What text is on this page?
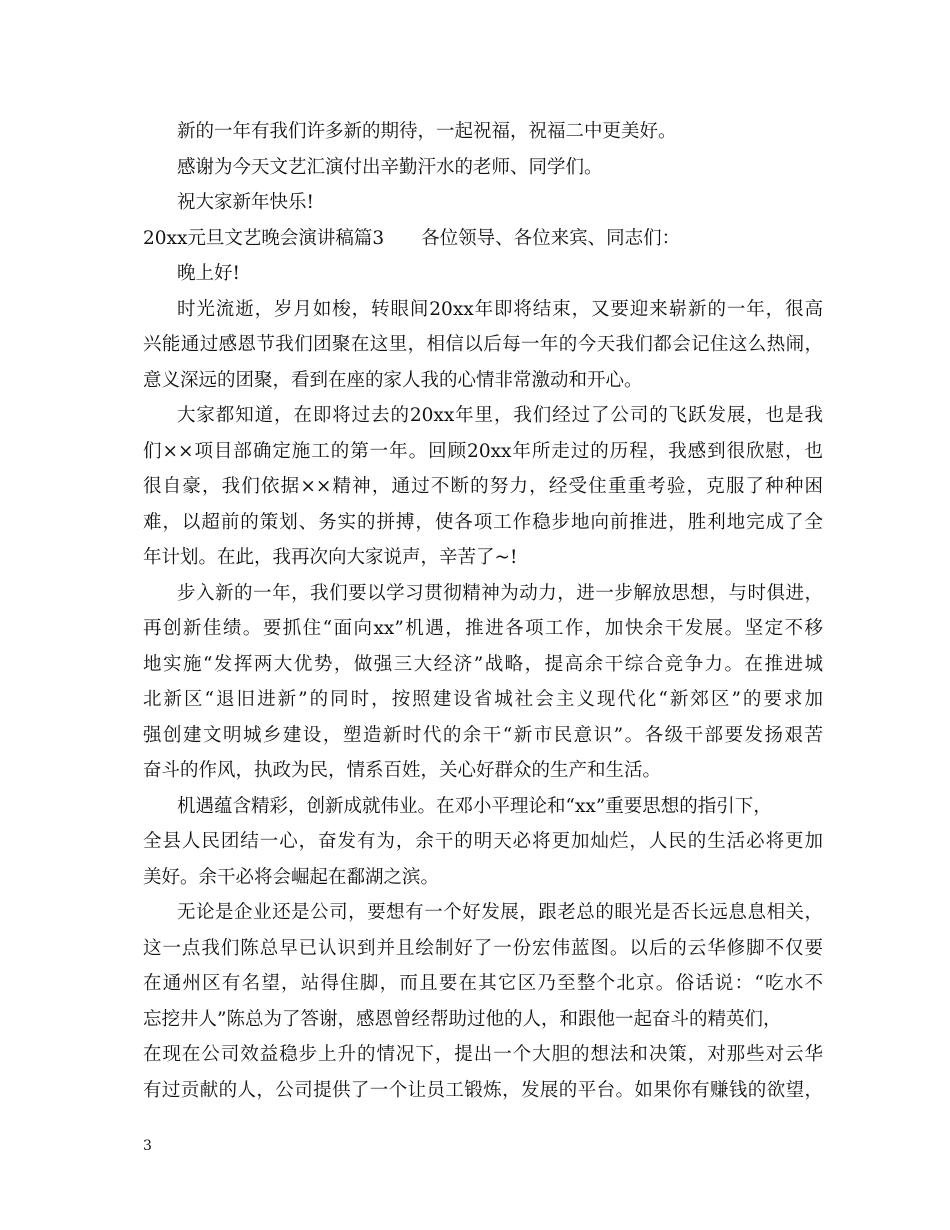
新的一年有我们许多新的期待，一起祝福，祝福二中更美好。
感谢为今天文艺汇演付出辛勤汗水的老师、同学们。
祝大家新年快乐!
20xx元旦文艺晚会演讲稿篇3　　各位领导、各位来宾、同志们：
晚上好!
时光流逝，岁月如梭，转眼间20xx年即将结束，又要迎来崭新的一年，很高
兴能通过感恩节我们团聚在这里，相信以后每一年的今天我们都会记住这么热闹，
意义深远的团聚，看到在座的家人我的心情非常激动和开心。
大家都知道，在即将过去的20xx年里，我们经过了公司的飞跃发展，也是我
们××项目部确定施工的第一年。回顾20xx年所走过的历程，我感到很欣慰，也
很自豪，我们依据××精神，通过不断的努力，经受住重重考验，克服了种种困
难，以超前的策划、务实的拼搏，使各项工作稳步地向前推进，胜利地完成了全
年计划。在此，我再次向大家说声，辛苦了~!
步入新的一年，我们要以学习贯彻精神为动力，进一步解放思想，与时俱进，
再创新佳绩。要抓住“面向xx”机遇，推进各项工作，加快余干发展。坚定不移
地实施“发挥两大优势，做强三大经济”战略，提高余干综合竞争力。在推进城
北新区“退旧进新”的同时，按照建设省城社会主义现代化“新郊区”的要求加
强创建文明城乡建设，塑造新时代的余干“新市民意识”。各级干部要发扬艰苦
奋斗的作风，执政为民，情系百姓，关心好群众的生产和生活。
机遇蕴含精彩，创新成就伟业。在邓小平理论和“xx”重要思想的指引下，
全县人民团结一心，奋发有为，余干的明天必将更加灿烂，人民的生活必将更加
美好。余干必将会崛起在鄱湖之滨。
无论是企业还是公司，要想有一个好发展，跟老总的眼光是否长远息息相关，
这一点我们陈总早已认识到并且绘制好了一份宏伟蓝图。以后的云华修脚不仅要
在通州区有名望，站得住脚，而且要在其它区乃至整个北京。俗话说：“吃水不
忘挖井人”陈总为了答谢，感恩曾经帮助过他的人，和跟他一起奋斗的精英们，
在现在公司效益稳步上升的情况下，提出一个大胆的想法和决策，对那些对云华
有过贡献的人，公司提供了一个让员工锻炼，发展的平台。如果你有赚钱的欲望，
3
